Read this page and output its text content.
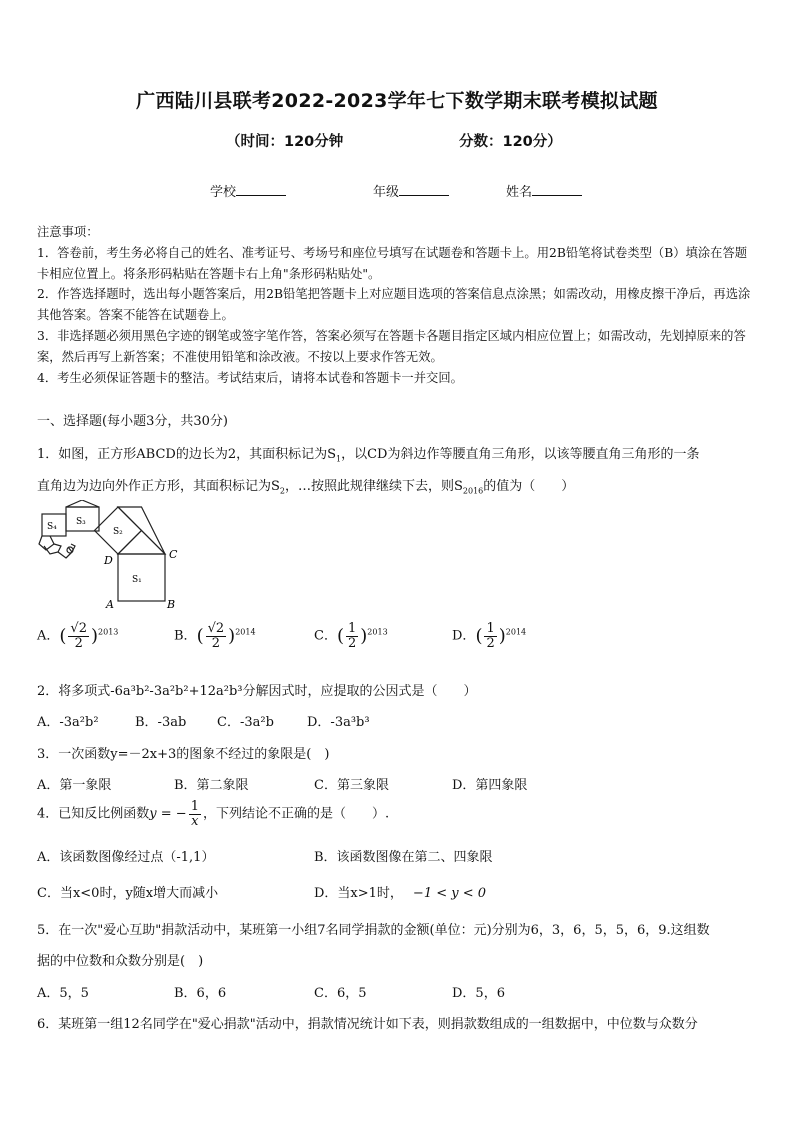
广西陆川县联考2022-2023学年七下数学期末联考模拟试题
（时间：120分钟	分数：120分）
学校	年级	姓名

注意事项：

1．答卷前，考生务必将自己的姓名、准考证号、考场号和座位号填写在试题卷和答题卡上。用2B铅笔将试卷类型（B）填涂在答题卡相应位置上。将条形码粘贴在答题卡右上角"条形码粘贴处"。

2．作答选择题时，选出每小题答案后，用2B铅笔把答题卡上对应题目选项的答案信息点涂黑；如需改动，用橡皮擦干净后，再选涂其他答案。答案不能答在试题卷上。

3．非选择题必须用黑色字迹的钢笔或签字笔作答，答案必须写在答题卡各题目指定区域内相应位置上；如需改动，先划掉原来的答案，然后再写上新答案；不准使用铅笔和涂改液。不按以上要求作答无效。

4．考生必须保证答题卡的整洁。考试结束后，请将本试卷和答题卡一并交回。

一、选择题(每小题3分，共30分)
1．如图，正方形ABCD的边长为2，其面积标记为$S_1$，以CD为斜边作等腰直角三角形，以该等腰直角三角形的一条
直角边为边向外作正方形，其面积标记为$S_2$，…按照此规律继续下去，则$S_{2016}$的值为（　　）
S₁
S₂
S₃
S₄
A	B
C
D
A．( $\frac{√2}{2} )^{2013}$	B．( $\frac{√2}{2} )^{2014}$	C．( $\frac{1}{2} )^{2013}$	D．( $\frac{1}{2} )^{2014}$
2．将多项式-6a³b²-3a²b²+12a²b³分解因式时，应提取的公因式是（　　）
A．-3a²b²	B．-3ab C．-3a²b	D．-3a³b³
3．一次函数y=－2x+3的图象不经过的象限是(　)
A．第一象限	B．第二象限	C．第三象限	D．第四象限
4．已知反比例函数y = − $\frac{1}{x}$ ，下列结论不正确的是（　　）.
A．该函数图像经过点（-1,1）	B．该函数图像在第二、四象限
C．当x<0时，y随x增大而减小	D．当x>1时， −1 < y < 0
5．在一次"爱心互助"捐款活动中，某班第一小组7名同学捐款的金额(单位：元)分别为6，3，6，5，5，6，9.这组数
据的中位数和众数分别是(　)
A．5，5	B．6，6	C．6，5	D．5，6
6．某班第一组12名同学在"爱心捐款"活动中，捐款情况统计如下表，则捐款数组成的一组数据中，中位数与众数分
